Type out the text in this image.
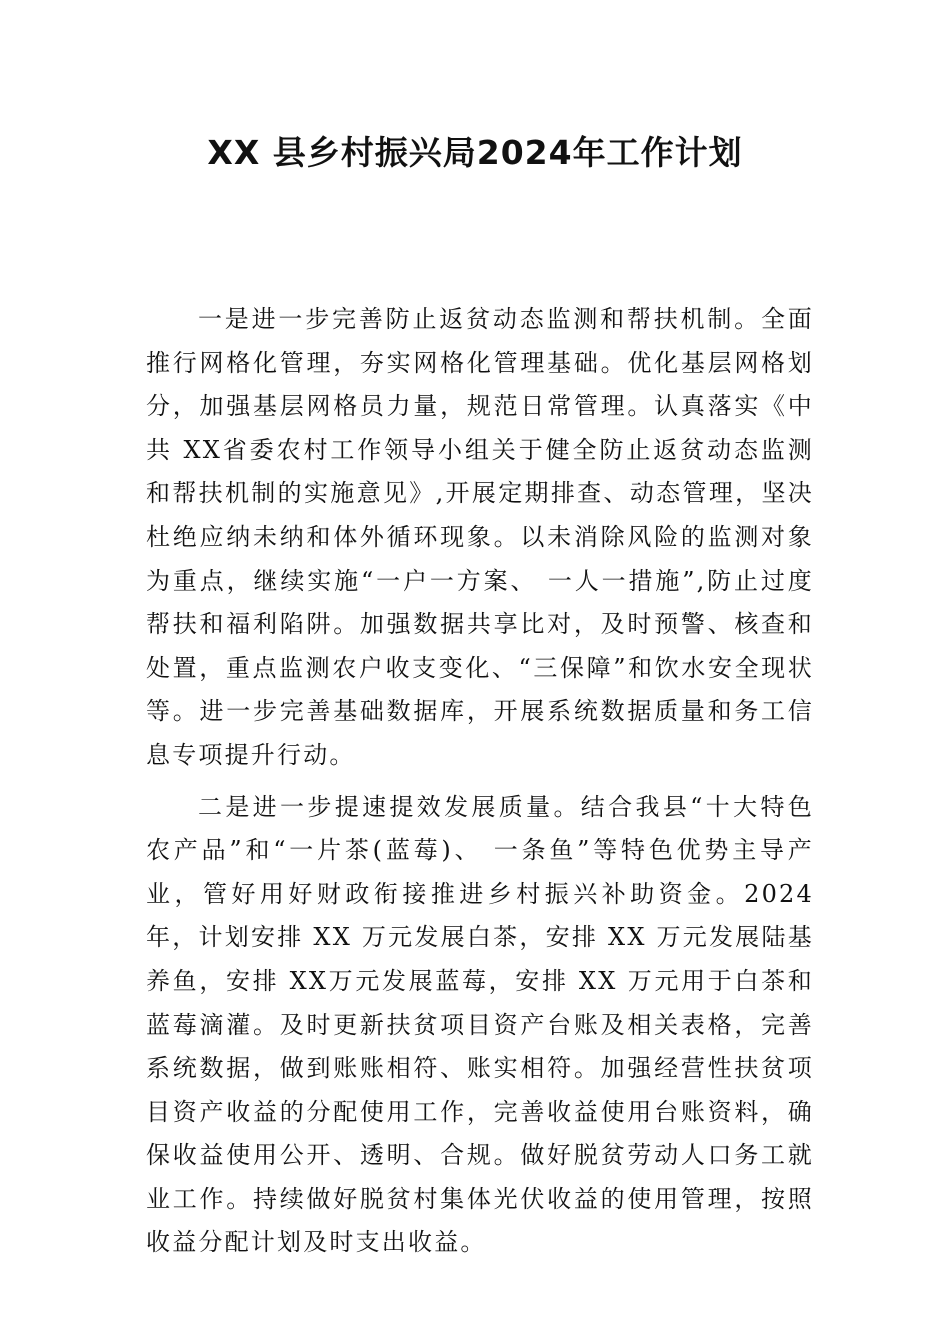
XX 县乡村振兴局2024年工作计划

一是进一步完善防止返贫动态监测和帮扶机制。全面推行网格化管理，夯实网格化管理基础。优化基层网格划分，加强基层网格员力量，规范日常管理。认真落实《中共 XX省委农村工作领导小组关于健全防止返贫动态监测和帮扶机制的实施意见》,开展定期排查、动态管理，坚决杜绝应纳未纳和体外循环现象。以未消除风险的监测对象为重点，继续实施“一户一方案、 一人一措施”,防止过度帮扶和福利陷阱。加强数据共享比对，及时预警、核查和处置，重点监测农户收支变化、“三保障”和饮水安全现状等。进一步完善基础数据库，开展系统数据质量和务工信息专项提升行动。

二是进一步提速提效发展质量。结合我县“十大特色农产品”和“一片茶(蓝莓)、 一条鱼”等特色优势主导产业，管好用好财政衔接推进乡村振兴补助资金。2024年，计划安排 XX 万元发展白茶，安排 XX 万元发展陆基养鱼，安排 XX万元发展蓝莓，安排 XX 万元用于白茶和蓝莓滴灌。及时更新扶贫项目资产台账及相关表格，完善系统数据，做到账账相符、账实相符。加强经营性扶贫项目资产收益的分配使用工作，完善收益使用台账资料，确保收益使用公开、透明、合规。做好脱贫劳动人口务工就业工作。持续做好脱贫村集体光伏收益的使用管理，按照收益分配计划及时支出收益。
